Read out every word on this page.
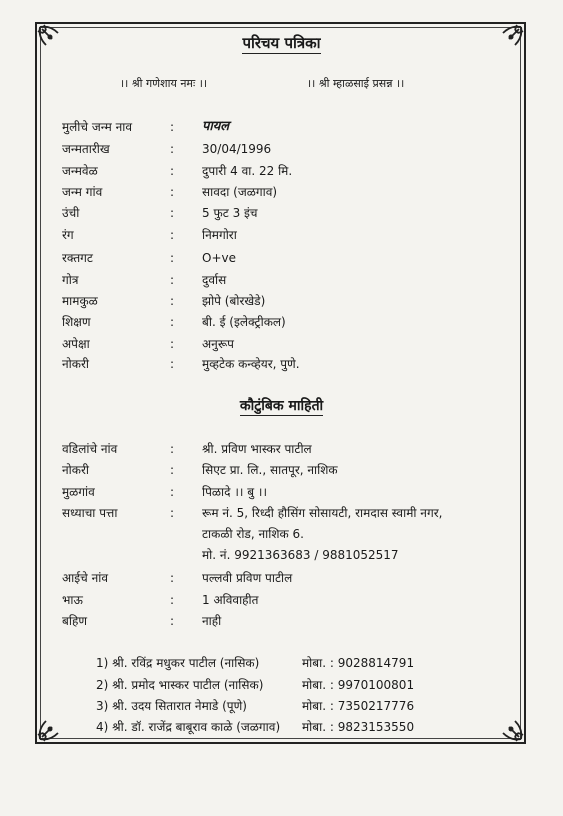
परिचय पत्रिका
।। श्री गणेशाय नमः ।।	।। श्री म्हाळसाई प्रसन्न ।।
मुलीचे जन्म नाव	: पायल
जन्मतारीख	: 30/04/1996
जन्मवेळ	: दुपारी 4 वा. 22 मि.
जन्म गांव	: सावदा (जळगाव)
उंची	: 5 फुट 3 इंच
रंग	: निमगोरा
रक्तगट	: O+ve
गोत्र	: दुर्वास
मामकुळ	: झोपे (बोरखेडे)
शिक्षण	: बी. ई (इलेक्ट्रीकल)
अपेक्षा	: अनुरूप
नोकरी	: मुव्हटेक कन्व्हेयर, पुणे.
कौटुंबिक माहिती
वडिलांचे नांव	: श्री. प्रविण भास्कर पाटील
नोकरी	: सिएट प्रा. लि., सातपूर, नाशिक
मुळगांव	: पिळादे ।। बु ।।
सध्याचा पत्ता	: रूम नं. 5, रिध्दी हौसिंग सोसायटी, रामदास स्वामी नगर,
टाकळी रोड, नाशिक 6.
मो. नं. 9921363683 / 9881052517
आईचे नांव	: पल्लवी प्रविण पाटील
भाऊ	: 1 अविवाहीत
बहिण	: नाही
1) श्री. रविंद्र मधुकर पाटील (नासिक)	मोबा. : 9028814791
2) श्री. प्रमोद भास्कर पाटील (नासिक)	मोबा. : 9970100801
3) श्री. उदय सितारात नेमाडे (पूणे)	मोबा. : 7350217776
4) श्री. डॉ. राजेंद्र बाबूराव काळे (जळगाव) मोबा. : 9823153550
